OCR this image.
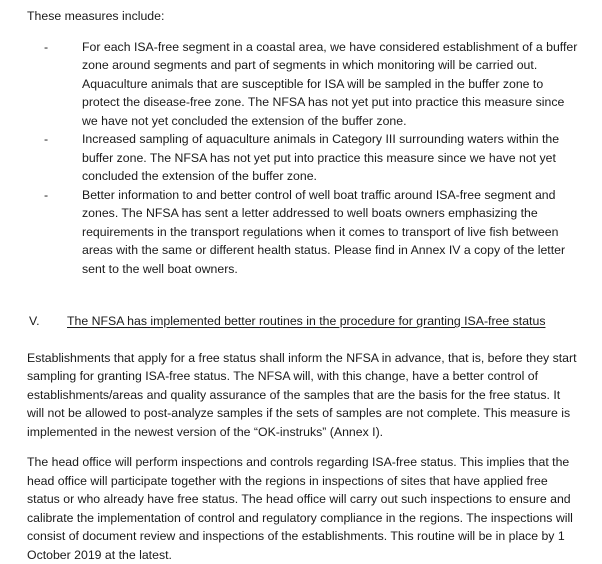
These measures include:

-	For each ISA-free segment in a coastal area, we have considered establishment of a buffer zone around segments and part of segments in which monitoring will be carried out. Aquaculture animals that are susceptible for ISA will be sampled in the buffer zone to protect the disease-free zone. The NFSA has not yet put into practice this measure since we have not yet concluded the extension of the buffer zone.
-	Increased sampling of aquaculture animals in Category III surrounding waters within the buffer zone. The NFSA has not yet put into practice this measure since we have not yet concluded the extension of the buffer zone.
-	Better information to and better control of well boat traffic around ISA-free segment and zones. The NFSA has sent a letter addressed to well boats owners emphasizing the requirements in the transport regulations when it comes to transport of live fish between areas with the same or different health status. Please find in Annex IV a copy of the letter sent to the well boat owners.
V.	The NFSA has implemented better routines in the procedure for granting ISA-free status

Establishments that apply for a free status shall inform the NFSA in advance, that is, before they start sampling for granting ISA-free status. The NFSA will, with this change, have a better control of establishments/areas and quality assurance of the samples that are the basis for the free status. It will not be allowed to post-analyze samples if the sets of samples are not complete. This measure is implemented in the newest version of the “OK-instruks” (Annex I).

The head office will perform inspections and controls regarding ISA-free status. This implies that the head office will participate together with the regions in inspections of sites that have applied free status or who already have free status. The head office will carry out such inspections to ensure and calibrate the implementation of control and regulatory compliance in the regions. The inspections will consist of document review and inspections of the establishments. This routine will be in place by 1 October 2019 at the latest.
